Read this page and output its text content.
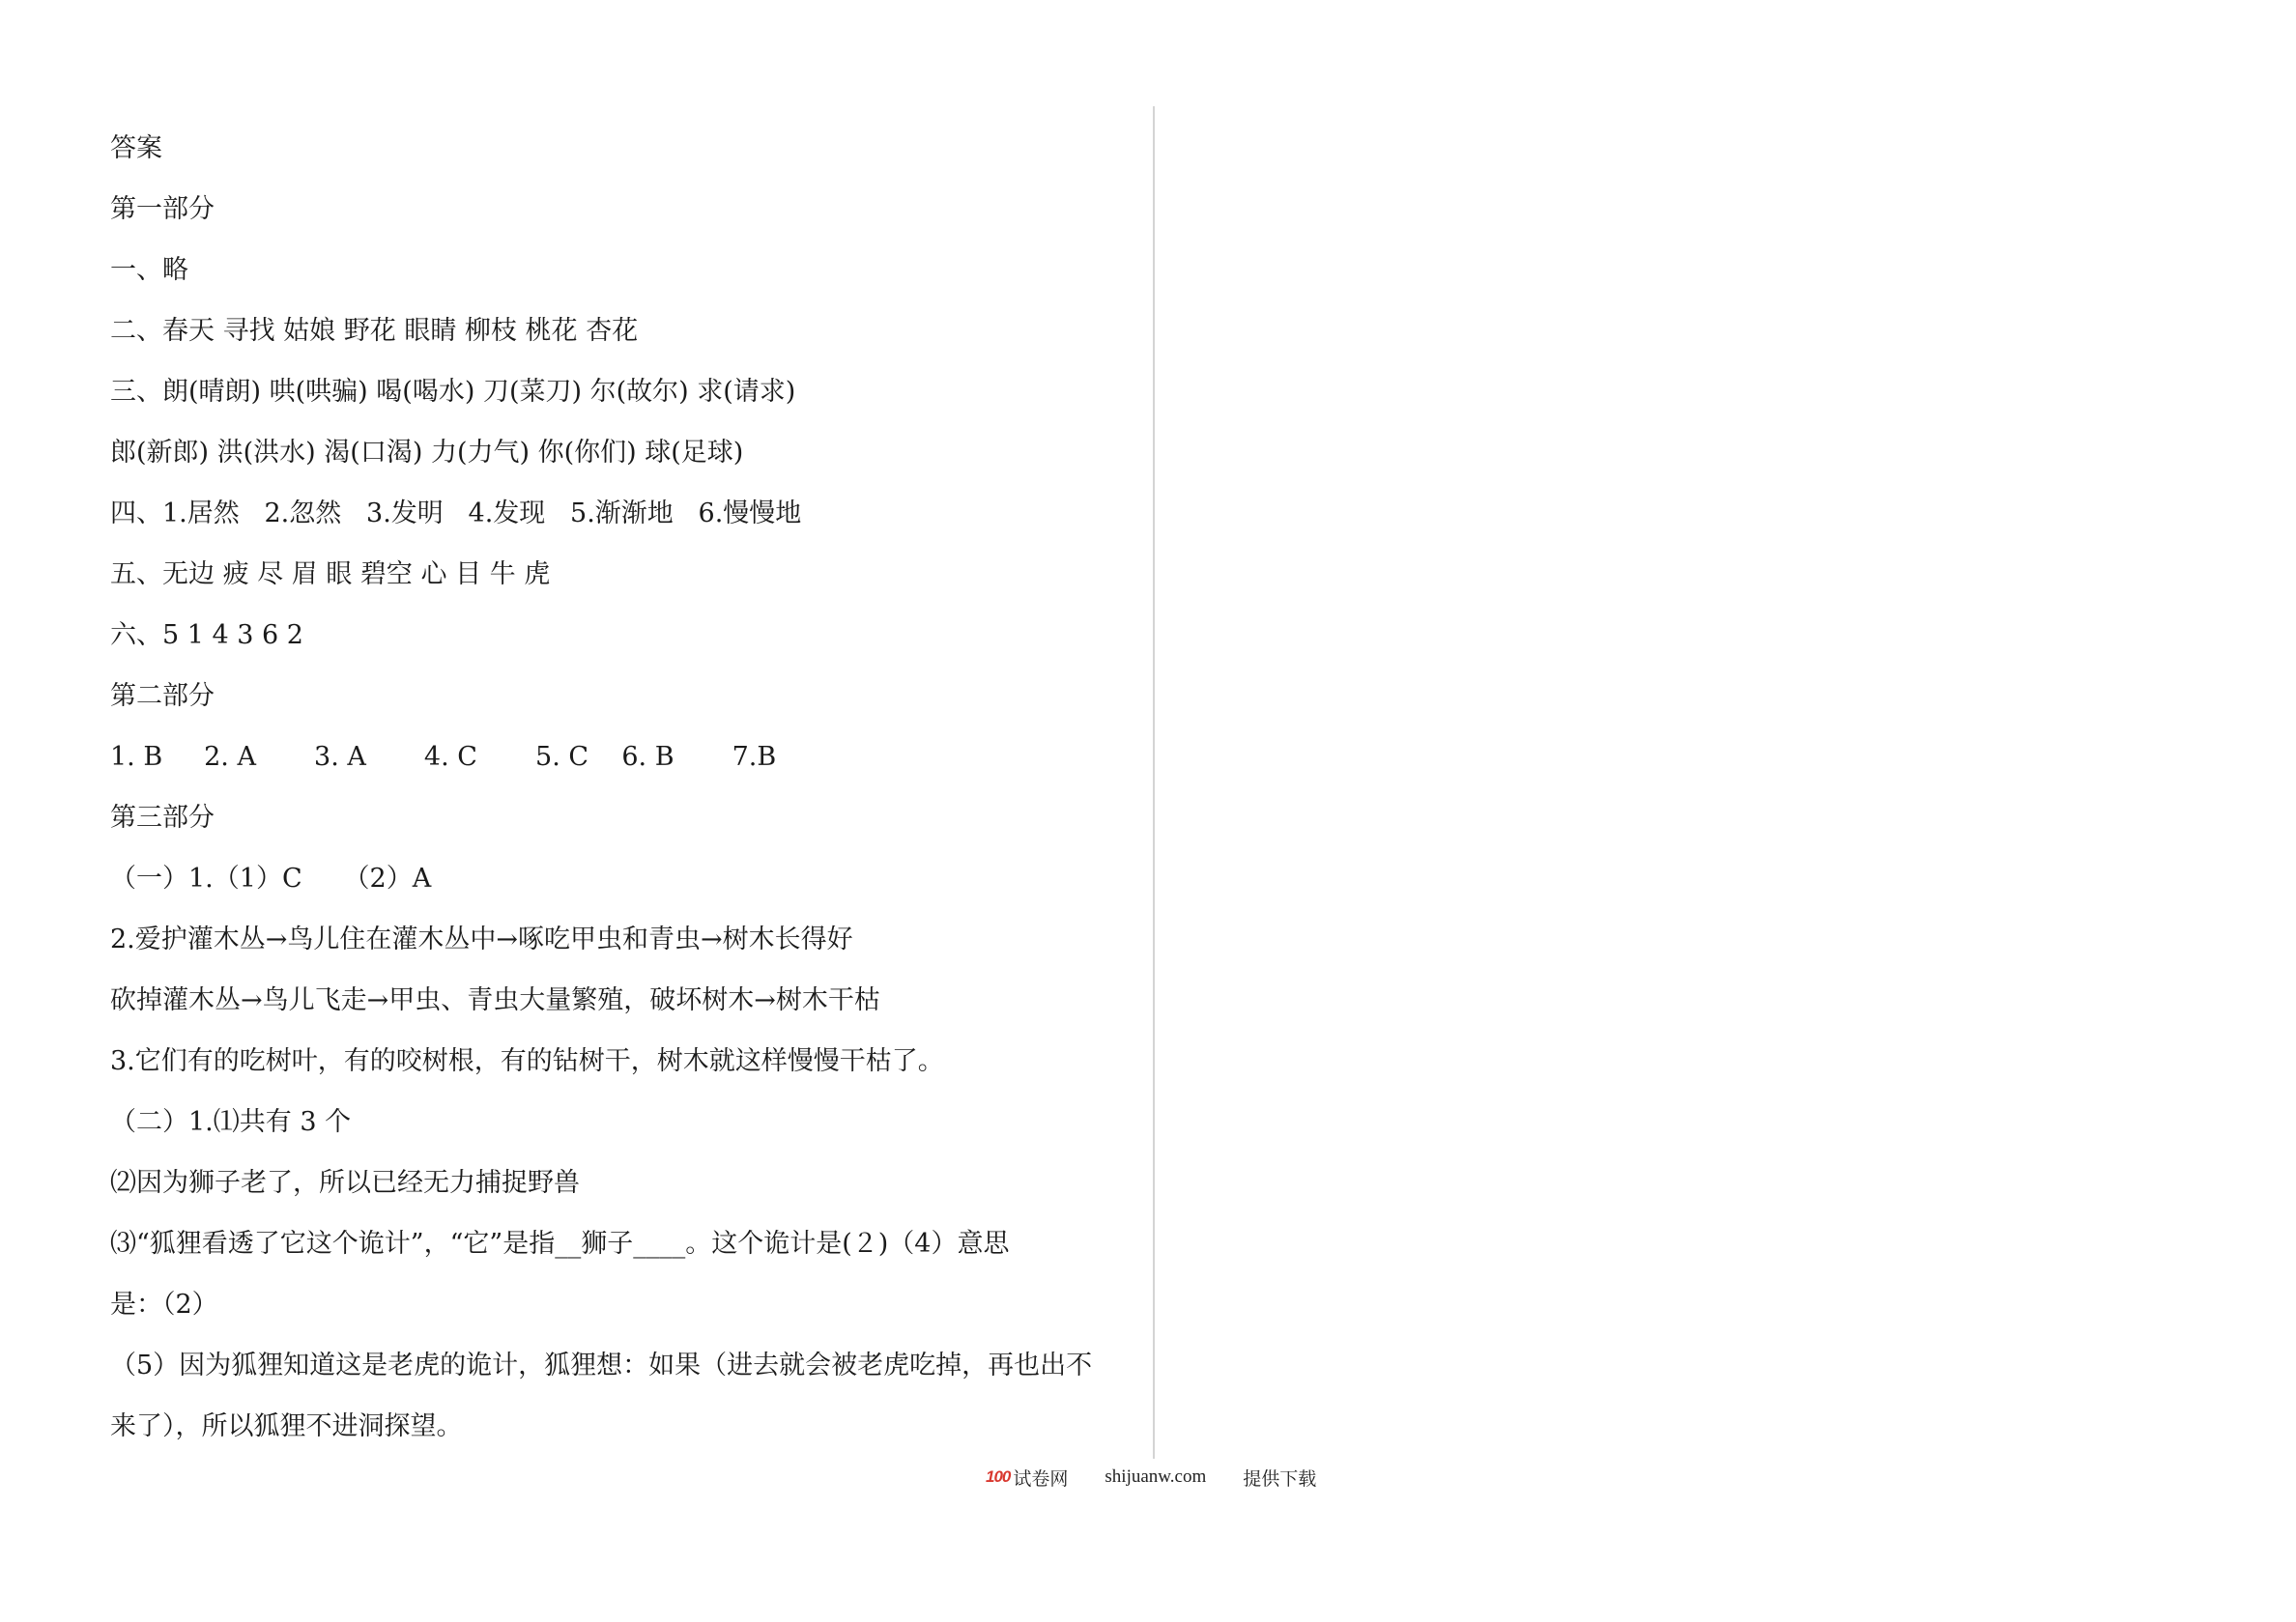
答案
第一部分
一、略
二、春天 寻找 姑娘 野花 眼睛 柳枝 桃花 杏花
三、朗(晴朗) 哄(哄骗) 喝(喝水) 刀(菜刀) 尔(故尔) 求(请求)
郎(新郎) 洪(洪水) 渴(口渴) 力(力气) 你(你们) 球(足球)
四、1.居然   2.忽然   3.发明   4.发现   5.渐渐地   6.慢慢地
五、无边 疲 尽 眉 眼 碧空 心 目 牛 虎
六、5 1 4 3 6 2
第二部分
1. B     2. A       3. A       4. C       5. C    6. B       7.B
第三部分
（一）1.（1）C     （2）A
2.爱护灌木丛→鸟儿住在灌木丛中→啄吃甲虫和青虫→树木长得好
砍掉灌木丛→鸟儿飞走→甲虫、青虫大量繁殖，破坏树木→树木干枯
3.它们有的吃树叶，有的咬树根，有的钻树干，树木就这样慢慢干枯了。
（二）1.⑴共有 3 个
⑵因为狮子老了，所以已经无力捕捉野兽
⑶“狐狸看透了它这个诡计”，“它”是指__狮子____。这个诡计是(２)（4）意思
是：（2）
（5）因为狐狸知道这是老虎的诡计，狐狸想：如果（进去就会被老虎吃掉，再也出不
来了），所以狐狸不进洞探望。
100 试卷网 shijuanw.com 提供下载
